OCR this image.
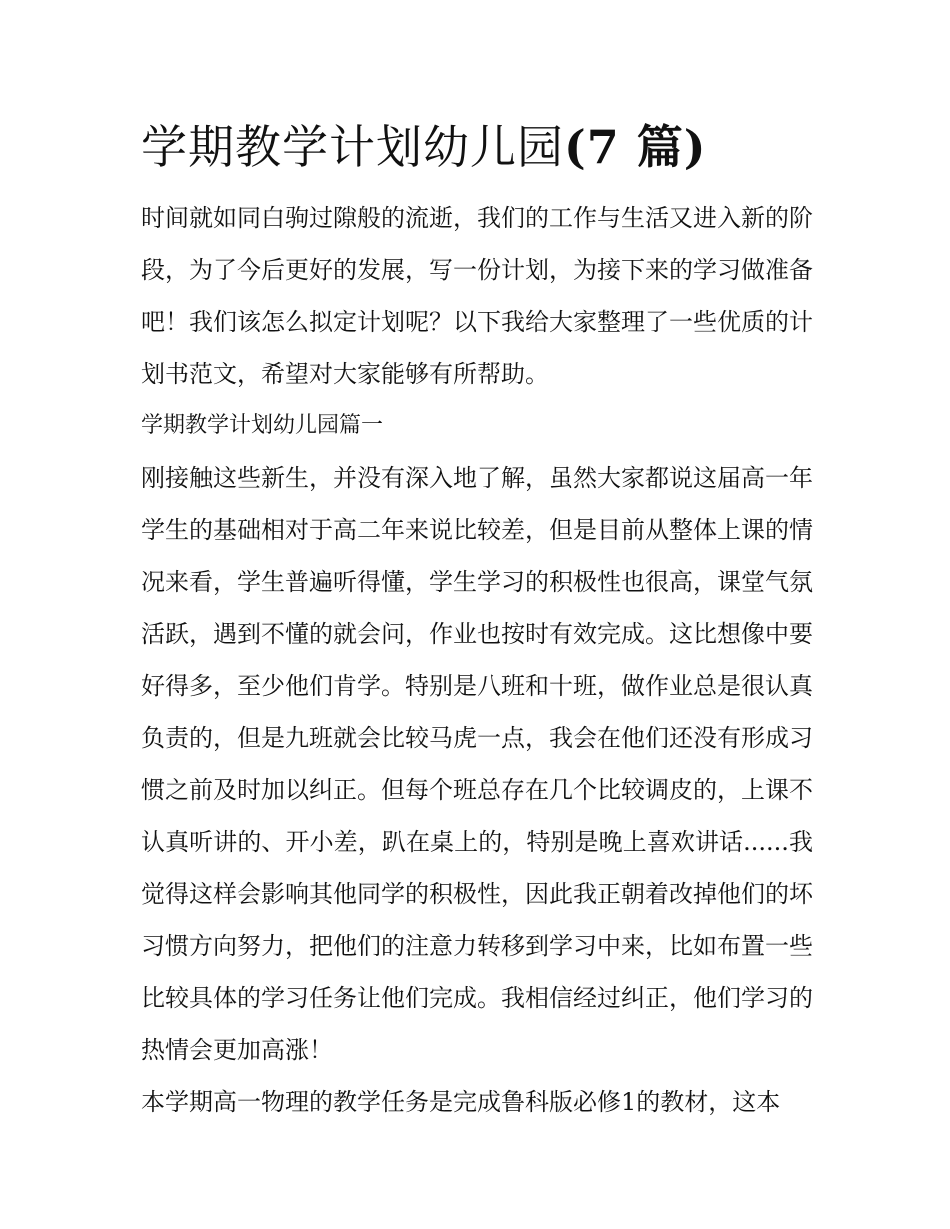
学期教学计划幼儿园(7 篇)

时间就如同白驹过隙般的流逝，我们的工作与生活又进入新的阶段，为了今后更好的发展，写一份计划，为接下来的学习做准备吧！我们该怎么拟定计划呢？以下我给大家整理了一些优质的计划书范文，希望对大家能够有所帮助。

学期教学计划幼儿园篇一

刚接触这些新生，并没有深入地了解，虽然大家都说这届高一年学生的基础相对于高二年来说比较差，但是目前从整体上课的情况来看，学生普遍听得懂，学生学习的积极性也很高，课堂气氛活跃，遇到不懂的就会问，作业也按时有效完成。这比想像中要好得多，至少他们肯学。特别是八班和十班，做作业总是很认真负责的，但是九班就会比较马虎一点，我会在他们还没有形成习惯之前及时加以纠正。但每个班总存在几个比较调皮的，上课不认真听讲的、开小差，趴在桌上的，特别是晚上喜欢讲话......我觉得这样会影响其他同学的积极性，因此我正朝着改掉他们的坏习惯方向努力，把他们的注意力转移到学习中来，比如布置一些比较具体的学习任务让他们完成。我相信经过纠正，他们学习的热情会更加高涨！

本学期高一物理的教学任务是完成鲁科版必修1的教材，这本
